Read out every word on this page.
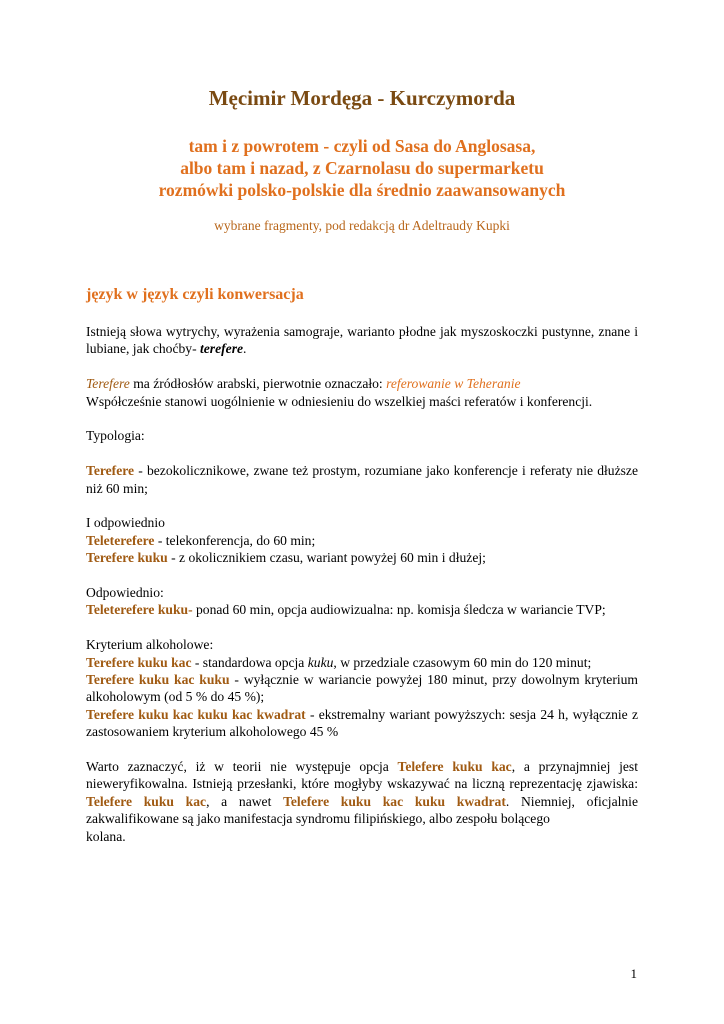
Męcimir Mordęga - Kurczymorda
tam i z powrotem - czyli od Sasa do Anglosasa,
albo tam i nazad, z Czarnolasu do supermarketu
rozmówki polsko-polskie dla średnio zaawansowanych
wybrane fragmenty, pod redakcją dr Adeltraudy Kupki
język w język czyli konwersacja

Istnieją słowa wytrychy, wyrażenia samograje, warianto płodne jak myszoskoczki pustynne, znane i lubiane, jak choćby- terefere.

Terefere ma źródłosłów arabski, pierwotnie oznaczało: referowanie w Teheranie
Współcześnie stanowi uogólnienie w odniesieniu do wszelkiej maści referatów i konferencji.

Typologia:

Terefere - bezokolicznikowe, zwane też prostym, rozumiane jako konferencje i referaty nie dłuższe niż 60 min;

I odpowiednio
Teleterefere - telekonferencja, do 60 min;
Terefere kuku - z okolicznikiem czasu, wariant powyżej 60 min i dłużej;

Odpowiednio:
Teleterefere kuku- ponad 60 min, opcja audiowizualna: np. komisja śledcza w wariancie TVP;

Kryterium alkoholowe:
Terefere kuku kac - standardowa opcja kuku, w przedziale czasowym 60 min do 120 minut;
Terefere kuku kac kuku - wyłącznie w wariancie powyżej 180 minut, przy dowolnym kryterium alkoholowym (od 5 % do 45 %);
Terefere kuku kac kuku kac kwadrat - ekstremalny wariant powyższych: sesja 24 h, wyłącznie z zastosowaniem kryterium alkoholowego 45 %

Warto zaznaczyć, iż w teorii nie występuje opcja Telefere kuku kac, a przynajmniej jest nieweryfikowalna. Istnieją przesłanki, które mogłyby wskazywać na liczną reprezentację zjawiska: Telefere kuku kac, a nawet Telefere kuku kac kuku kwadrat. Niemniej, oficjalnie zakwalifikowane są jako manifestacja syndromu filipińskiego, albo zespołu bolącego
kolana.

1
